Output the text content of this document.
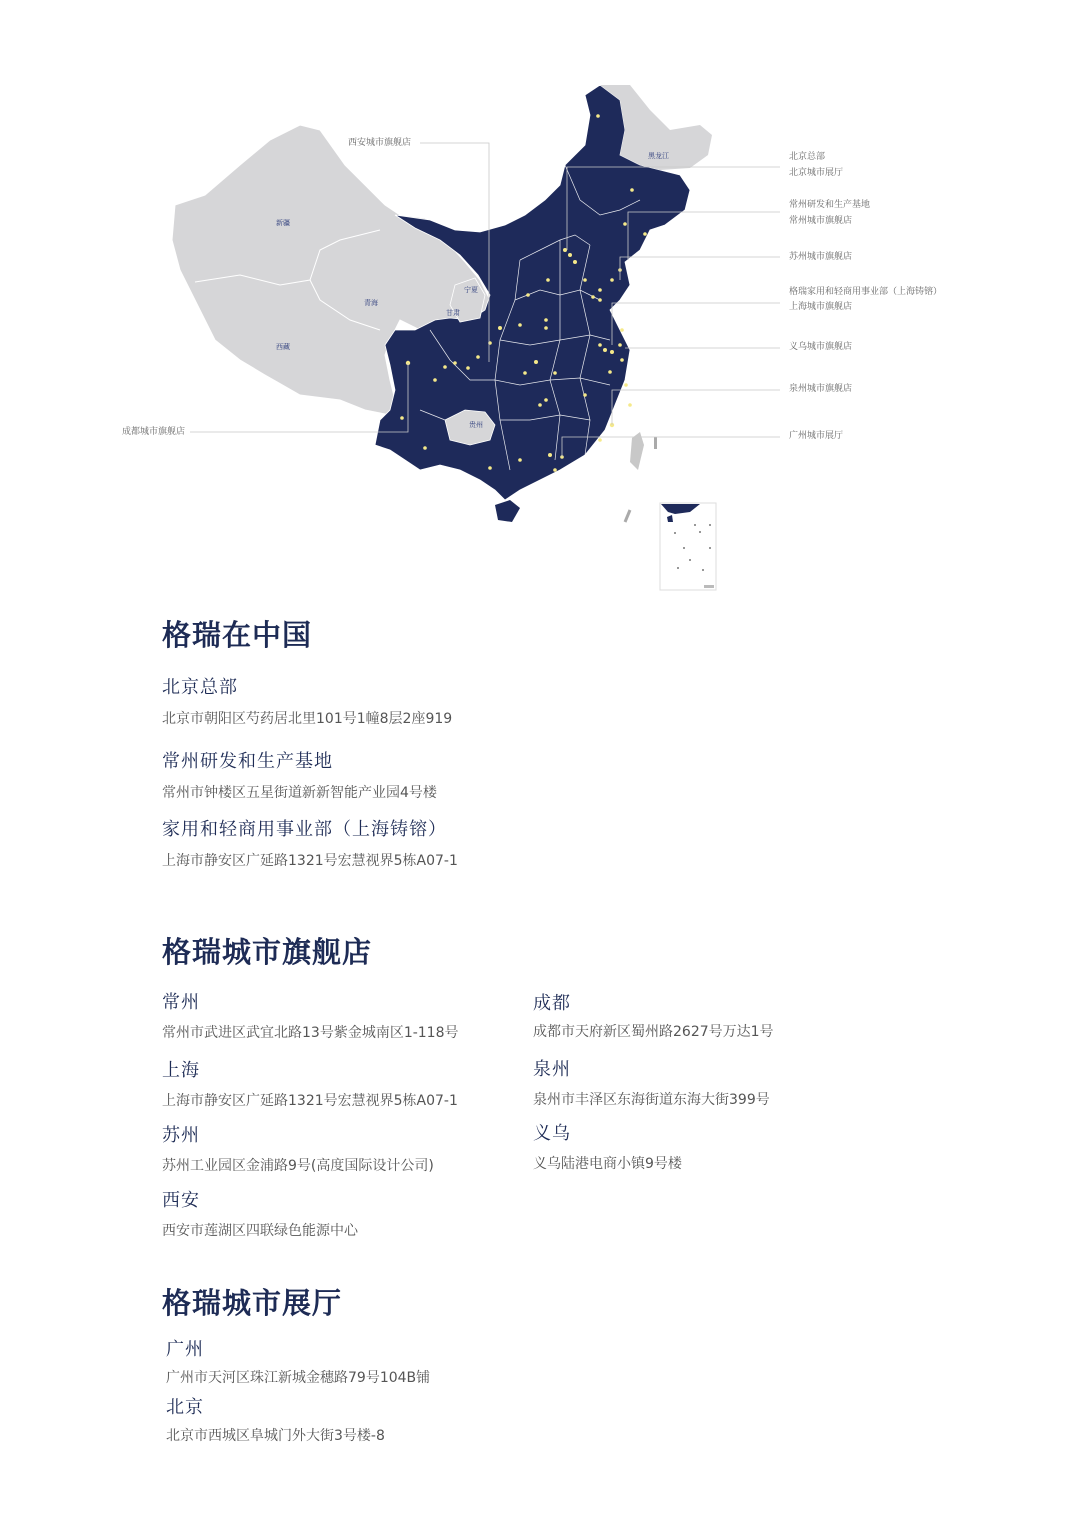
新疆
西藏
青海
甘肃
宁夏
贵州
黑龙江
西安城市旗舰店
成都城市旗舰店
北京总部
北京城市展厅
常州研发和生产基地
常州城市旗舰店
苏州城市旗舰店
格瑞家用和轻商用事业部（上海铸镕）
上海城市旗舰店
义乌城市旗舰店
泉州城市旗舰店
广州城市展厅
格瑞在中国

北京总部

北京市朝阳区芍药居北里101号1幢8层2座919

常州研发和生产基地

常州市钟楼区五星街道新新智能产业园4号楼

家用和轻商用事业部（上海铸镕）

上海市静安区广延路1321号宏慧视界5栋A07-1

格瑞城市旗舰店

常州

常州市武进区武宜北路13号紫金城南区1-118号

上海

上海市静安区广延路1321号宏慧视界5栋A07-1

苏州

苏州工业园区金浦路9号(高度国际设计公司)

西安

西安市莲湖区四联绿色能源中心

成都

成都市天府新区蜀州路2627号万达1号

泉州

泉州市丰泽区东海街道东海大街399号

义乌

义乌陆港电商小镇9号楼

格瑞城市展厅

广州

广州市天河区珠江新城金穗路79号104B铺

北京

北京市西城区阜城门外大街3号楼-8
